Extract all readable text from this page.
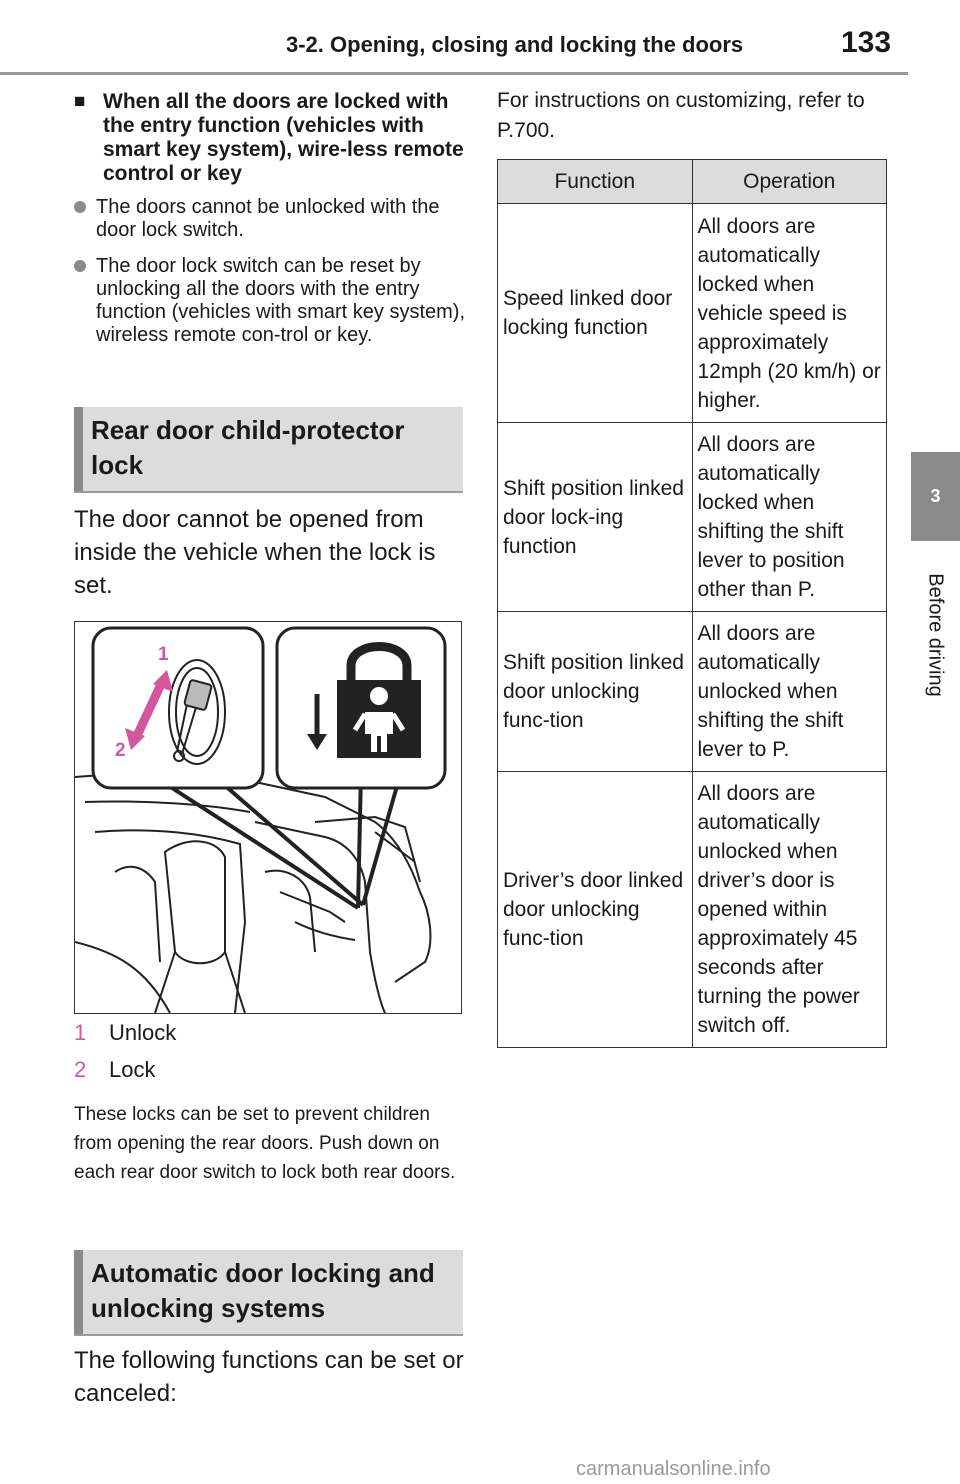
3-2. Opening, closing and locking the doors	133
3
Before driving
■ When all the doors are locked with the entry function (vehicles with smart key system), wire-less remote control or key
The doors cannot be unlocked with the door lock switch.
The door lock switch can be reset by unlocking all the doors with the entry function (vehicles with smart key system), wireless remote con-trol or key.
Rear door child-protector lock
The door cannot be opened from inside the vehicle when the lock is set.
1
2
1 Unlock
2 Lock
These locks can be set to prevent children from opening the rear doors. Push down on each rear door switch to lock both rear doors.
Automatic door locking and unlocking systems
The following functions can be set or canceled:
For instructions on customizing, refer to P.700.
Function	Operation
Speed linked door locking function	All doors are automatically locked when vehicle speed is approximately 12mph (20 km/h) or higher.
Shift position linked door lock-ing function	All doors are automatically locked when shifting the shift lever to position other than P.
Shift position linked door unlocking func-tion	All doors are automatically unlocked when shifting the shift lever to P.
Driver’s door linked door unlocking func-tion	All doors are automatically unlocked when driver’s door is opened within approximately 45 seconds after turning the power switch off.
carmanualsonline.info
